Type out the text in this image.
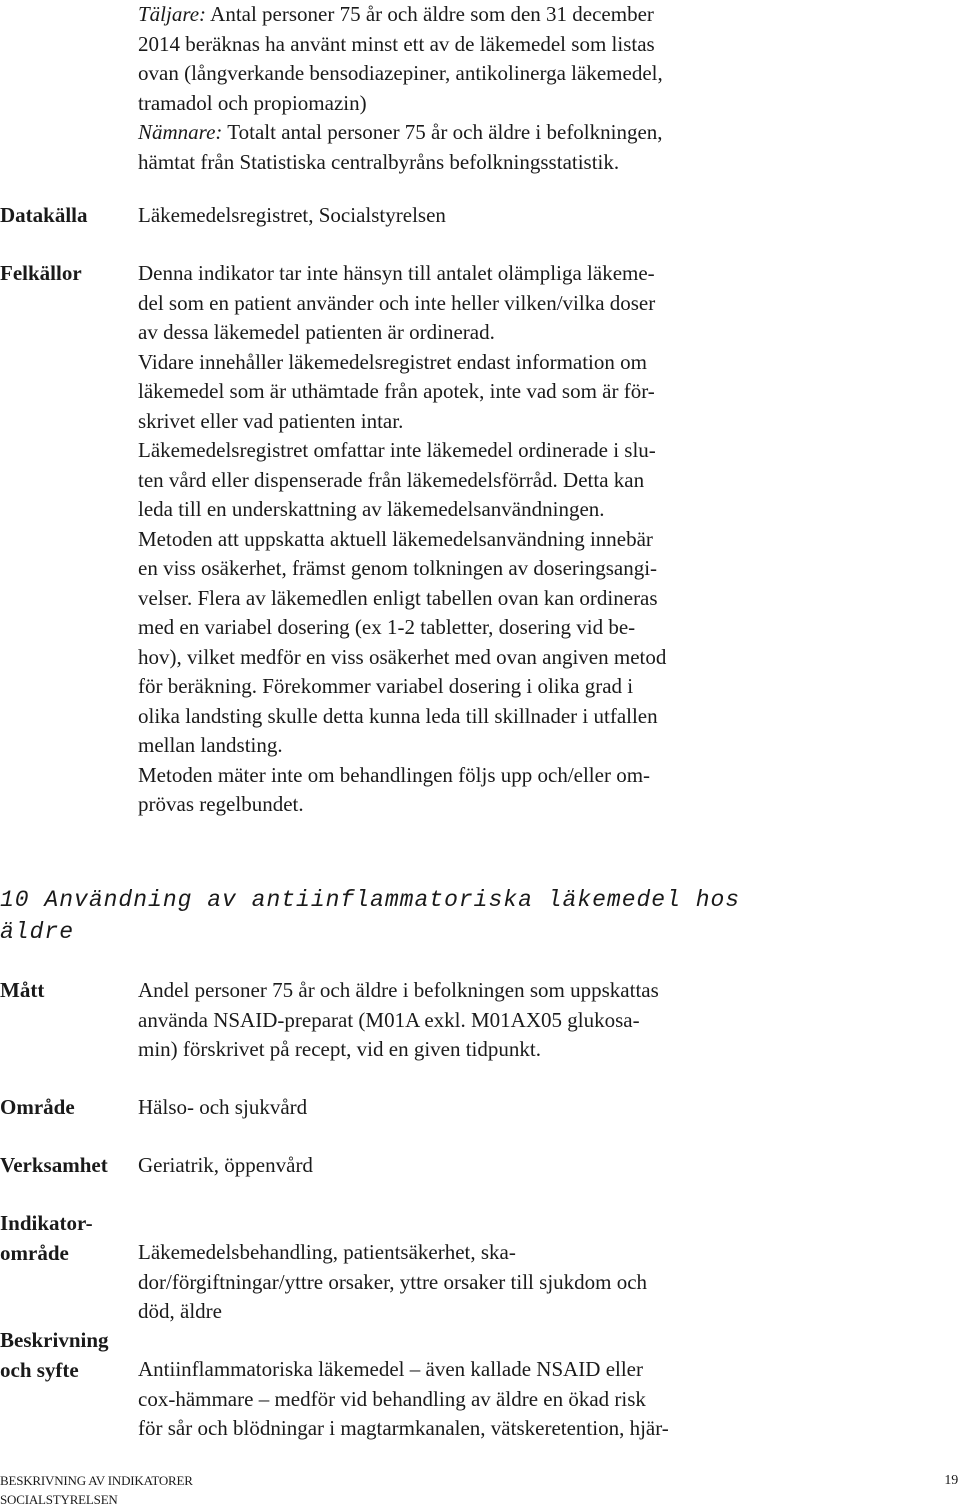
Täljare: Antal personer 75 år och äldre som den 31 december
2014 beräknas ha använt minst ett av de läkemedel som listas
ovan (långverkande bensodiazepiner, antikolinerga läkemedel,
tramadol och propiomazin)
Nämnare: Totalt antal personer 75 år och äldre i befolkningen,
hämtat från Statistiska centralbyråns befolkningsstatistik.
Datakälla Läkemedelsregistret, Socialstyrelsen
Felkällor	Denna indikator tar inte hänsyn till antalet olämpliga läkeme-
del som en patient använder och inte heller vilken/vilka doser
av dessa läkemedel patienten är ordinerad.
Vidare innehåller läkemedelsregistret endast information om
läkemedel som är uthämtade från apotek, inte vad som är för-
skrivet eller vad patienten intar.
Läkemedelsregistret omfattar inte läkemedel ordinerade i slu-
ten vård eller dispenserade från läkemedelsförråd. Detta kan
leda till en underskattning av läkemedelsanvändningen.
Metoden att uppskatta aktuell läkemedelsanvändning innebär
en viss osäkerhet, främst genom tolkningen av doseringsangi-
velser. Flera av läkemedlen enligt tabellen ovan kan ordineras
med en variabel dosering (ex 1-2 tabletter, dosering vid be-
hov), vilket medför en viss osäkerhet med ovan angiven metod
för beräkning. Förekommer variabel dosering i olika grad i
olika landsting skulle detta kunna leda till skillnader i utfallen
mellan landsting.
Metoden mäter inte om behandlingen följs upp och/eller om-
prövas regelbundet.
10 Användning av antiinflammatoriska läkemedel hos
äldre
Mått	Andel personer 75 år och äldre i befolkningen som uppskattas
använda NSAID-preparat (M01A exkl. M01AX05 glukosa-
min) förskrivet på recept, vid en given tidpunkt.
Område	Hälso- och sjukvård
Verksamhet Geriatrik, öppenvård
Indikator-
område	Läkemedelsbehandling, patientsäkerhet, ska-
dor/förgiftningar/yttre orsaker, yttre orsaker till sjukdom och
död, äldre
Beskrivning
och syfte	Antiinflammatoriska läkemedel – även kallade NSAID eller
cox-hämmare – medför vid behandling av äldre en ökad risk
för sår och blödningar i magtarmkanalen, vätskeretention, hjär-
BESKRIVNING AV INDIKATORER
SOCIALSTYRELSEN
19
